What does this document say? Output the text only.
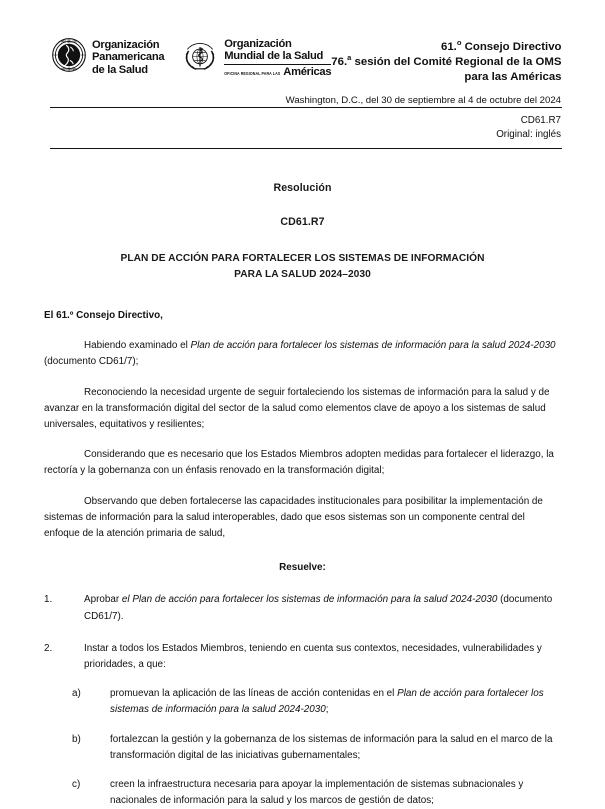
PRO SALUTE
NOVI MUNDI
Organización
Panamericana
de la Salud
Organización
Mundial de la Salud
OFICINA REGIONAL PARA LAS Américas
61.$^o$ Consejo Directivo
76.$^a$ sesión del Comité Regional de la OMS
para las Américas
Washington, D.C., del 30 de septiembre al 4 de octubre del 2024
CD61.R7
Original: inglés
Resolución
CD61.R7
PLAN DE ACCIÓN PARA FORTALECER LOS SISTEMAS DE INFORMACIÓN
PARA LA SALUD 2024–2030
El 61.º Consejo Directivo,

Habiendo examinado el Plan de acción para fortalecer los sistemas de información para la salud 2024-2030 (documento CD61/7);

Reconociendo la necesidad urgente de seguir fortaleciendo los sistemas de información para la salud y de avanzar en la transformación digital del sector de la salud como elementos clave de apoyo a los sistemas de salud universales, equitativos y resilientes;

Considerando que es necesario que los Estados Miembros adopten medidas para fortalecer el liderazgo, la rectoría y la gobernanza con un énfasis renovado en la transformación digital;

Observando que deben fortalecerse las capacidades institucionales para posibilitar la implementación de sistemas de información para la salud interoperables, dado que esos sistemas son un componente central del enfoque de la atención primaria de salud,

Resuelve:
1.	Aprobar el Plan de acción para fortalecer los sistemas de información para la salud 2024-2030 (documento CD61/7).
2.	Instar a todos los Estados Miembros, teniendo en cuenta sus contextos, necesidades, vulnerabilidades y prioridades, a que:
a)	promuevan la aplicación de las líneas de acción contenidas en el Plan de acción para fortalecer los sistemas de información para la salud 2024-2030;
b)	fortalezcan la gestión y la gobernanza de los sistemas de información para la salud en el marco de la transformación digital de las iniciativas gubernamentales;
c)	creen la infraestructura necesaria para apoyar la implementación de sistemas subnacionales y nacionales de información para la salud y los marcos de gestión de datos;
